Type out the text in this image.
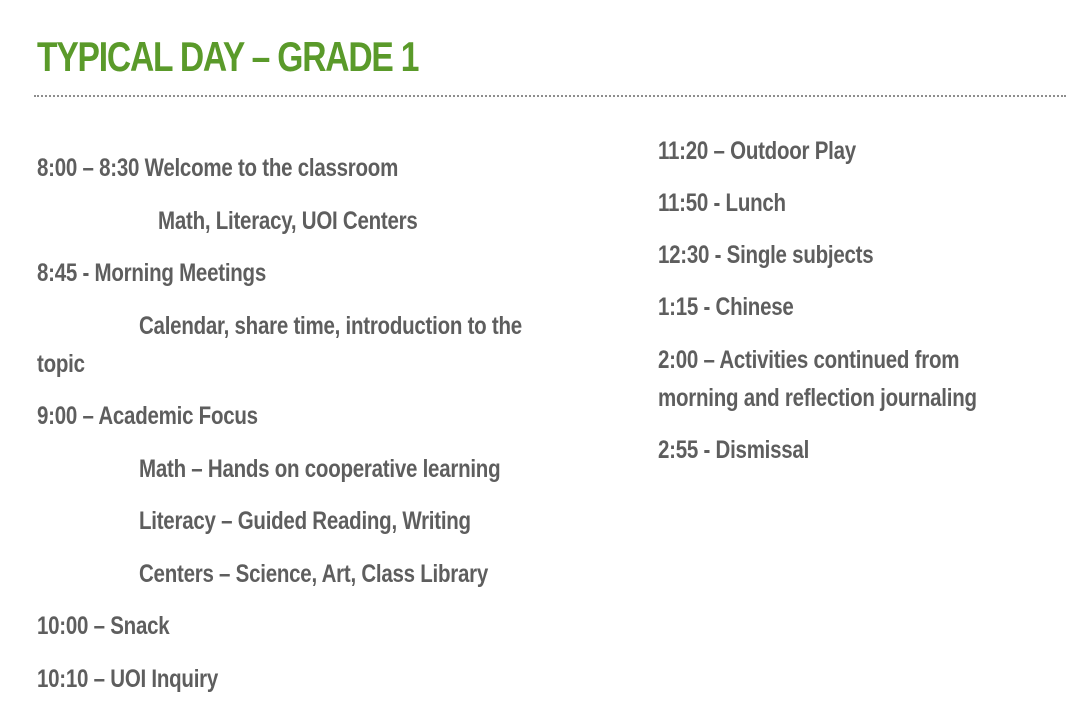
TYPICAL DAY – GRADE 1
8:00 – 8:30 Welcome to the classroom
Math, Literacy, UOI Centers
8:45 - Morning Meetings
Calendar, share time, introduction to the
topic
9:00 – Academic Focus
Math – Hands on cooperative learning
Literacy – Guided Reading, Writing
Centers – Science, Art, Class Library
10:00 – Snack
10:10 – UOI Inquiry
11:20 – Outdoor Play
11:50 - Lunch
12:30 - Single subjects
1:15 - Chinese
2:00 – Activities continued from
morning and reflection journaling
2:55 - Dismissal
